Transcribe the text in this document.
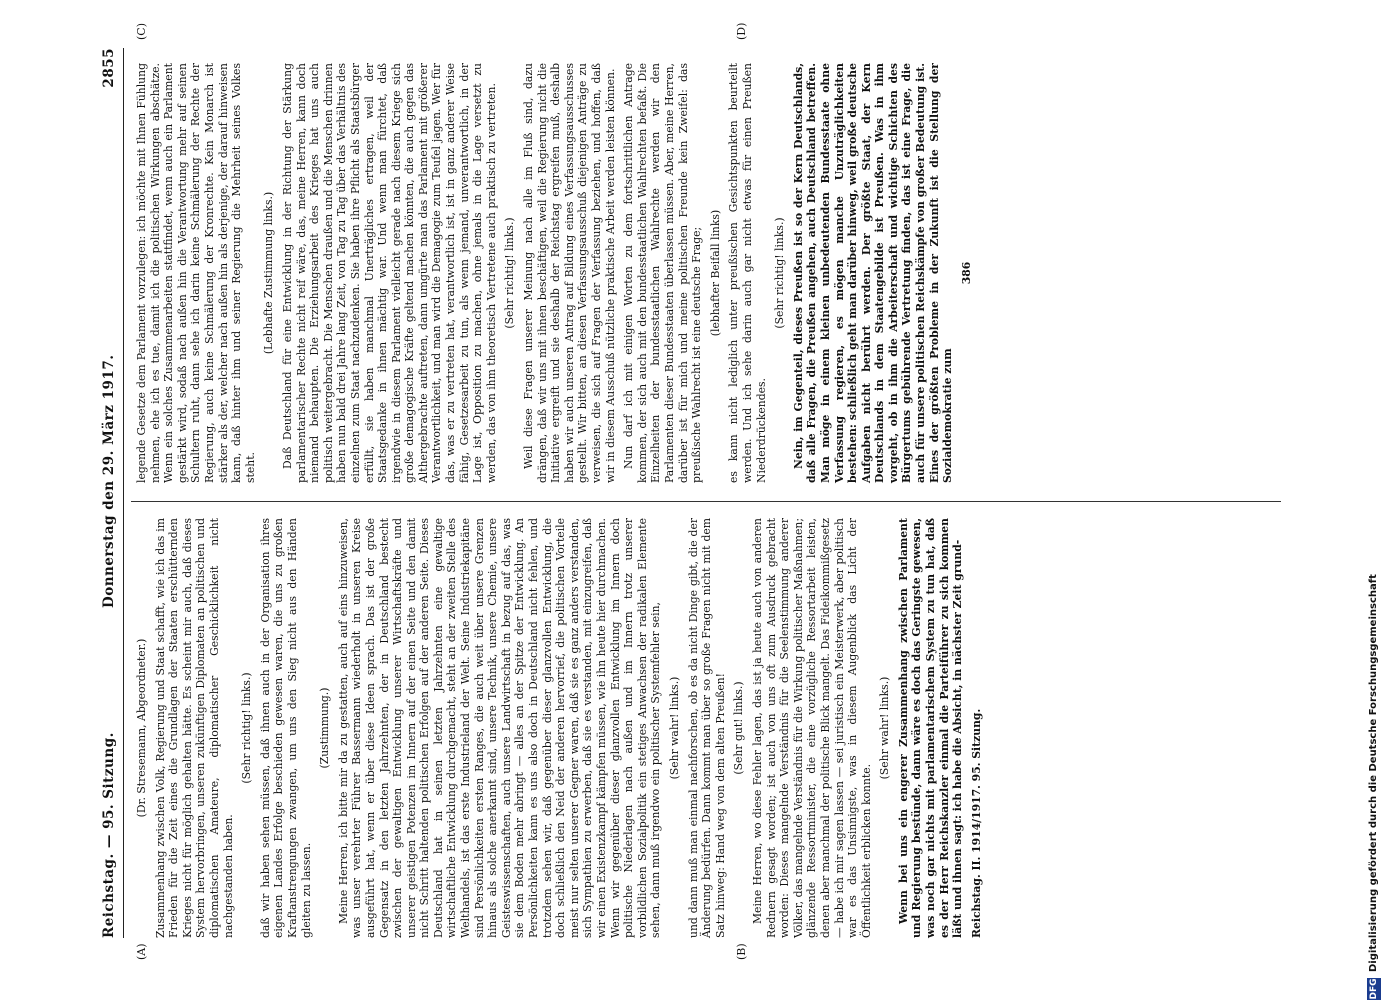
Reichstag. — 95. Sitzung.
Donnerstag den 29. März 1917.
2855
(A)	(B)
(C)	(D)

(Dr. Stresemann, Abgeordneter.) Zusammenhang zwischen Volk, Regierung und Staat schafft, wie ich das im Frieden für die Zeit eines die Grundlagen der Staaten erschütternden Krieges nicht für möglich gehalten hätte. Es scheint mir auch, daß dieses System hervorbringen, unseren zukünftigen Diplomaten an politischen und diplomatischen Amateure, diplomatischer Geschicklichkeit nicht nachgestanden haben.

(Sehr richtig! links.) daß wir haben sehen müssen, daß ihnen auch in der Organisation ihres eigenen Landes Erfolge beschieden gewesen waren, die uns zu großen Kraftanstrengungen zwangen, um uns den Sieg nicht aus den Händen gleiten zu lassen.

(Zustimmung.) Meine Herren, ich bitte mir da zu gestatten, auch auf eins hinzuweisen, was unser verehrter Führer Bassermann wiederholt in unseren Kreise ausgeführt hat, wenn er über diese Ideen sprach. Das ist der große Gegensatz in den letzten Jahrzehnten, der in Deutschland bestecht zwischen der gewaltigen Entwicklung unserer Wirtschaftskräfte und unserer geistigen Potenzen im Innern auf der einen Seite und den damit nicht Schritt haltenden politischen Erfolgen auf der anderen Seite. Dieses Deutschland hat in seinen letzten Jahrzehnten eine gewaltige wirtschaftliche Entwicklung durchgemacht, steht an der zweiten Stelle des Welthandels, ist das erste Industrieland der Welt. Seine Industriekapitäne sind Persönlichkeiten ersten Ranges, die auch weit über unsere Grenzen hinaus als solche anerkannt sind, unsere Technik, unsere Chemie, unsere Geisteswissenschaften, auch unsere Landwirtschaft in bezug auf das, was sie dem Boden mehr abringt — alles an der Spitze der Entwicklung. An Persönlichkeiten kann es uns also doch in Deutschland nicht fehlen, und trotzdem sehen wir, daß gegenüber dieser glanzvollen Entwicklung, die doch schließlich den Neid der anderen hervorrief, die politischen Vorteile meist nur selten unserer Gegner waren, daß sie es ganz anders verstanden, sich Sympathien zu erwerben, daß sie es verstanden, mit einzugreifen, daß wir einen Existenzkampf kämpfen müssen, wie ihn heute hier durchmachen. Wenn wir gegenüber dieser glanzvollen Entwicklung im Innern doch politische Niederlagen nach außen und im Innern trotz unserer vorbildlichen Sozialpolitik ein stetiges Anwachsen der radikalen Elemente sehen, dann muß irgendwo ein politischer Systemfehler sein, (Sehr wahr! links.) und dann muß man einmal nachforschen, ob es da nicht Dinge gibt, die der Änderung bedürfen. Dann kommt man über so große Fragen nicht mit dem Satz hinweg: Hand weg von dem alten Preußen! (Sehr gut! links.) Meine Herren, wo diese Fehler lagen, das ist ja heute auch von anderen Rednern gesagt worden; ist auch von uns oft zum Ausdruck gebracht worden: Dieses mangelnde Verständnis für die Seelenstimmung anderer Völker, das mangelnde Verständnis für die Wirkung politischer Maßnahmen; glänzende Ressortminister, die eine vorzügliche Ressortarbeit leisten, denen aber manchmal der politische Blick mangelt. Das Fideikommißgesetz — habe ich mir sagen lassen — sei juristisch ein Meisterwerk, aber politisch war es das Unsinnigste, was in diesem Augenblick das Licht der Öffentlichkeit erblicken konnte.

(Sehr wahr! links.) Wenn bei uns ein engerer Zusammenhang zwischen Parlament und Regierung bestünde, dann wäre es doch das Geringste gewesen, was noch gar nichts mit parlamentarischem System zu tun hat, daß es der Herr Reichskanzler einmal die Parteiführer zu sich kommen läßt und ihnen sagt: ich habe die Absicht, in nächster Zeit grund- Reichstag. II. 1914/1917. 95. Sitzung.

legende Gesetze dem Parlament vorzulegen: ich möchte mit Ihnen Fühlung nehmen, ehe ich es tue, damit ich die politischen Wirkungen abschätze. Wenn ein solches Zusammenarbeiten stattfindet, wenn auch ein Parlament gestärkt wird, sodaß nach außen hin die Verantwortung mehr auf seinen Schultern ruht, dann sehe ich darin keine Schmälerung der Rechte der Regierung, auch keine Schmälerung der Kronrechte. Kein Monarch ist stärker als der, welcher nach außen hin als derjenige, der darauf hinweisen kann, daß hinter ihm und seiner Regierung die Mehrheit seines Volkes steht.

(Lebhafte Zustimmung links.) Daß Deutschland für eine Entwicklung in der Richtung der Stärkung parlamentarischer Rechte nicht reif wäre, das, meine Herren, kann doch niemand behaupten. Die Erziehungsarbeit des Krieges hat uns auch politisch weitergebracht. Die Menschen draußen und die Menschen drinnen haben nun bald drei Jahre lang Zeit, von Tag zu Tag über das Verhältnis des einzelnen zum Staat nachzudenken. Sie haben ihre Pflicht als Staatsbürger erfüllt, sie haben manchmal Unerträgliches ertragen, weil der Staatsgedanke in ihnen mächtig war. Und wenn man fürchtet, daß irgendwie in diesem Parlament vielleicht gerade nach diesem Kriege sich große demagogische Kräfte geltend machen könnten, die auch gegen das Althergebrachte auftreten, dann umgürte man das Parlament mit größerer Verantwortlichkeit, und man wird die Demagogie zum Teufel jagen. Wer für das, was er zu vertreten hat, verantwortlich ist, ist in ganz anderer Weise fähig, Gesetzesarbeit zu tun, als wenn jemand, unverantwortlich, in der Lage ist, Opposition zu machen, ohne jemals in die Lage versetzt zu werden, das von ihm theoretisch Vertretene auch praktisch zu vertreten. (Sehr richtig! links.) Weil diese Fragen unserer Meinung nach alle im Fluß sind, dazu drängen, daß wir uns mit ihnen beschäftigen, weil die Regierung nicht die Initiative ergreift und sie deshalb der Reichstag ergreifen muß, deshalb haben wir auch unseren Antrag auf Bildung eines Verfassungsausschusses gestellt. Wir bitten, an diesen Verfassungsausschuß diejenigen Anträge zu verweisen, die sich auf Fragen der Verfassung beziehen, und hoffen, daß wir in diesem Ausschuß nützliche praktische Arbeit werden leisten können. Nun darf ich mit einigen Worten zu dem fortschrittlichen Antrage kommen, der sich auch mit den bundesstaatlichen Wahlrechten befaßt. Die Einzelheiten der bundesstaatlichen Wahlrechte werden wir den Parlamenten dieser Bundesstaaten überlassen müssen. Aber, meine Herren, darüber ist für mich und meine politischen Freunde kein Zweifel: das preußische Wahlrecht ist eine deutsche Frage; (lebhafter Beifall links) es kann nicht lediglich unter preußischen Gesichtspunkten beurteilt werden. Und ich sehe darin auch gar nicht etwas für einen Preußen Niederdrückendes.

(Sehr richtig! links.) Nein, im Gegenteil, dieses Preußen ist so der Kern Deutschlands, daß alle Fragen, die Preußen angehen, auch Deutschland betreffen. Man möge in einem kleinen unbedeutenden Bundesstaate ohne Verfassung regieren, es mögen manche Unzuträglichkeiten bestehen: schließlich geht man darüber hinweg, weil große deutsche Aufgaben nicht berührt werden. Der größte Staat, der Kern Deutschlands in dem Staatengebilde ist Preußen. Was in ihm vorgeht, ob in ihm die Arbeiterschaft und wichtige Schichten des Bürgertums gebührende Vertretung finden, das ist eine Frage, die auch für unsere politischen Reichskämpfe von großer Bedeutung ist. Eines der größten Probleme in der Zukunft ist die Stellung der Sozialdemokratie zum

386

DFG
Digitalisierung gefördert durch die Deutsche Forschungsgemeinschaft
